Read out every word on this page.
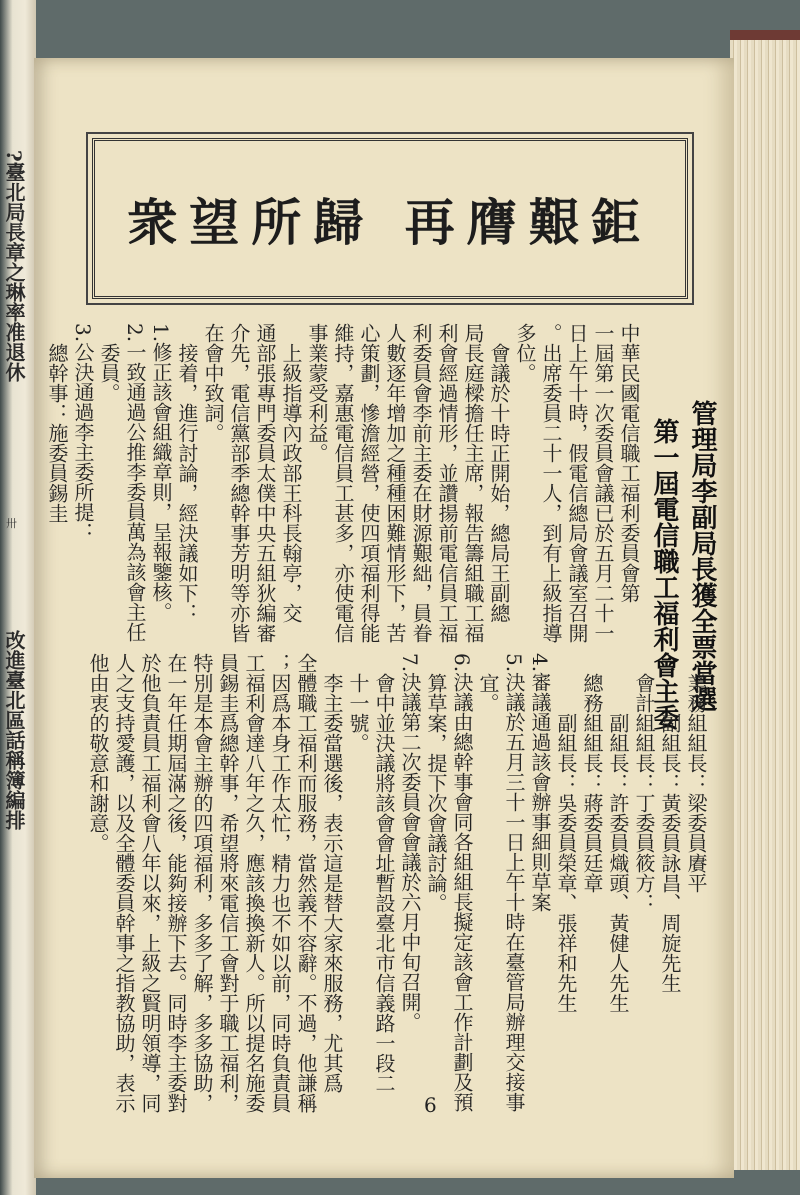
?臺北局長章之琳率准退休
改進臺北區話稱簿編排
卅
衆望所歸 再膺艱鉅
管理局李副局長獲全票當選
第一屆電信職工福利會主委
中華民國電信職工福利委員會第
一屆第一次委員會議已於五月二十一
日上午十時，假電信總局會議室召開
。出席委員二十一人，到有上級指導
多位。
　會議於十時正開始，總局王副總
局長庭樑擔任主席，報告籌組職工福
利會經過情形，並讚揚前電信員工福
利委員會李前主委在財源艱絀，員眷
人數逐年增加之種種困難情形下，苦
心策劃，慘澹經營，使四項福利得能
維持，嘉惠電信員工甚多，亦使電信
事業蒙受利益。
　上級指導內政部王科長翰亭，交
通部張專門委員太僕中央五組狄編審
介先，電信黨部季總幹事芳明等亦皆
在會中致詞。
　接着，進行討論，經決議如下：
1.修正該會組織章則，呈報鑒核。
2.一致通過公推李委員萬為該會主任
　委員。
3.公決通過李主委所提：
　總幹事：施委員錫圭
　業務組組長：梁委員賡平
　　　副組長：黃委員詠昌、周旋先生
　會計組組長：丁委員筱方：
　　　副組長：許委員熾頭、黃健人先生
　總務組組長：蔣委員廷章
　　　副組長：吳委員榮章、張祥和先生
4.審議通過該會辦事細則草案
5.決議於五月三十一日上午十時在臺管局辦理交接事
　宜。
6.決議由總幹事會同各組組長擬定該會工作計劃及預
　算草案，提下次會議討論。
7.決議第二次委員會會議於六月中旬召開。
　會中並決議將該會會址暫設臺北市信義路一段二
　十一號。
　李主委當選後，表示這是替大家來服務，尤其爲
全體職工福利而服務，當然義不容辭。不過，他謙稱
；因爲本身工作太忙，精力也不如以前，同時負責員
工福利會達八年之久，應該換換新人。所以提名施委
員錫圭爲總幹事，希望將來電信工會對于職工福利，
特別是本會主辦的四項福利，多多了解，多多協助，
在一年任期屆滿之後，能夠接辦下去。同時李主委對
於他負責員工福利會八年以來，上級之賢明領導，同
人之支持愛護，以及全體委員幹事之指教協助，表示
他由衷的敬意和謝意。
6
